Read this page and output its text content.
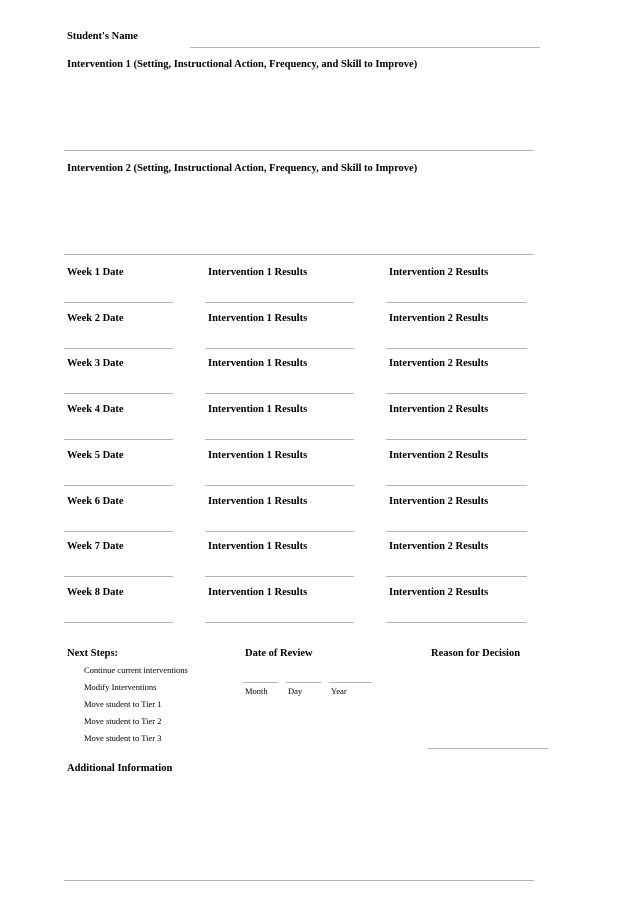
Student's Name
Intervention 1 (Setting, Instructional Action, Frequency, and Skill to Improve)
Intervention 2 (Setting, Instructional Action, Frequency, and Skill to Improve)
Week 1 Date	Intervention 1 Results	Intervention 2 Results
Week 2 Date	Intervention 1 Results	Intervention 2 Results
Week 3 Date	Intervention 1 Results	Intervention 2 Results
Week 4 Date	Intervention 1 Results	Intervention 2 Results
Week 5 Date	Intervention 1 Results	Intervention 2 Results
Week 6 Date	Intervention 1 Results	Intervention 2 Results
Week 7 Date	Intervention 1 Results	Intervention 2 Results
Week 8 Date	Intervention 1 Results	Intervention 2 Results
Next Steps:
Continue current interventions
Modify Interventions
Move student to Tier 1
Move student to Tier 2
Move student to Tier 3
Date of Review
Month Day	Year
Reason for Decision
Additional Information
